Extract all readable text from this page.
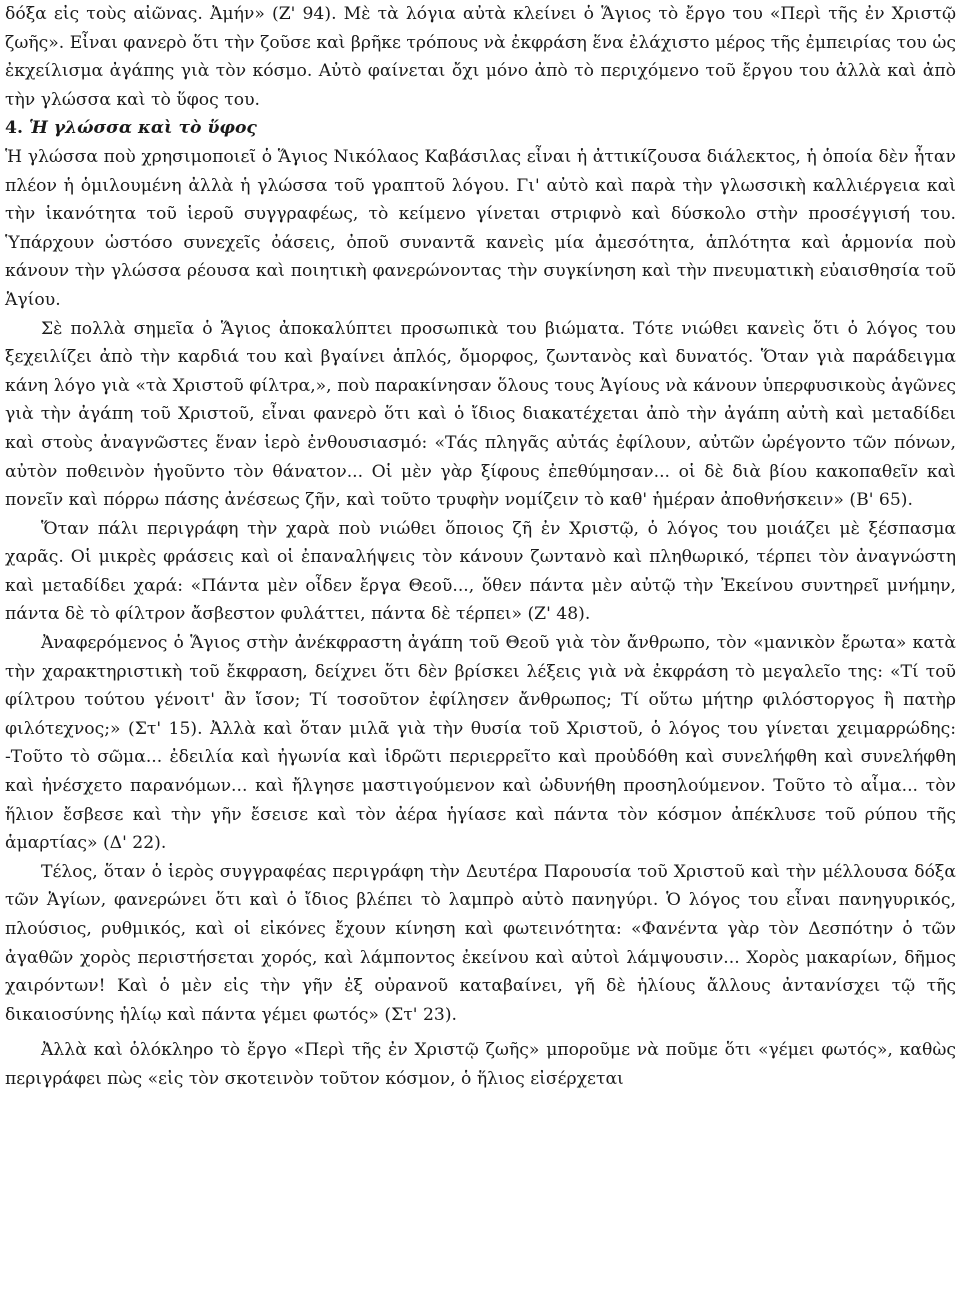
δόξα εἰς τοὺς αἰῶνας. Ἀμήν» (Ζ' 94). Μὲ τὰ λόγια αὐτὰ κλείνει ὁ Ἅγιος τὸ ἔργο του «Περὶ τῆς ἐν Χριστῷ ζωῆς». Εἶναι φανερὸ ὅτι τὴν ζοῦσε καὶ βρῆκε τρόπους νὰ ἐκφράση ἕνα ἐλάχιστο μέρος τῆς ἐμπειρίας του ὡς ἐκχείλισμα ἀγάπης γιὰ τὸν κόσμο. Αὐτὸ φαίνεται ὄχι μόνο ἀπὸ τὸ περιχόμενο τοῦ ἔργου του ἀλλὰ καὶ ἀπὸ τὴν γλώσσα καὶ τὸ ὕφος του.

4. Ἡ γλώσσα καὶ τὸ ὕφος

Ἡ γλώσσα ποὺ χρησιμοποιεῖ ὁ Ἅγιος Νικόλαος Καβάσιλας εἶναι ἡ ἀττικίζουσα διάλεκτος, ἡ ὁποία δὲν ἦταν πλέον ἡ ὁμιλουμένη ἀλλὰ ἡ γλώσσα τοῦ γραπτοῦ λόγου. Γι' αὐτὸ καὶ παρὰ τὴν γλωσσικὴ καλλιέργεια καὶ τὴν ἱκανότητα τοῦ ἱεροῦ συγγραφέως, τὸ κείμενο γίνεται στριφνὸ καὶ δύσκολο στὴν προσέγγισή του. Ὑπάρχουν ὡστόσο συνεχεῖς ὀάσεις, ὀποῦ συναντᾶ κανεὶς μία ἀμεσότητα, ἁπλότητα καὶ ἁρμονία ποὺ κάνουν τὴν γλώσσα ρέουσα καὶ ποιητικὴ φανερώνοντας τὴν συγκίνηση καὶ τὴν πνευματικὴ εὐαισθησία τοῦ Ἁγίου.

Σὲ πολλὰ σημεῖα ὁ Ἅγιος ἀποκαλύπτει προσωπικὰ του βιώματα. Τότε νιώθει κανεὶς ὅτι ὁ λόγος του ξεχειλίζει ἀπὸ τὴν καρδιά του καὶ βγαίνει ἁπλός, ὄμορφος, ζωντανὸς καὶ δυνατός. Ὅταν γιὰ παράδειγμα κάνη λόγο γιὰ «τὰ Χριστοῦ φίλτρα,», ποὺ παρακίνησαν ὅλους τους Ἁγίους νὰ κάνουν ὑπερφυσικοὺς ἀγῶνες γιὰ τὴν ἀγάπη τοῦ Χριστοῦ, εἶναι φανερὸ ὅτι καὶ ὁ ἴδιος διακατέχεται ἀπὸ τὴν ἀγάπη αὐτὴ καὶ μεταδίδει καὶ στοὺς ἀναγνῶστες ἕναν ἱερὸ ἐνθουσιασμό: «Τάς πληγᾶς αὐτάς ἐφίλουν, αὐτῶν ὠρέγοντο τῶν πόνων, αὐτὸν ποθεινὸν ἡγοῦντο τὸν θάνατον... Οἱ μὲν γὰρ ξίφους ἐπεθύμησαν... οἱ δὲ διὰ βίου κακοπαθεῖν καὶ πονεῖν καὶ πόρρω πάσης ἀνέσεως ζῆν, καὶ τοῦτο τρυφὴν νομίζειν τὸ καθ' ἡμέραν ἀποθνήσκειν» (Β' 65).

Ὅταν πάλι περιγράφη τὴν χαρὰ ποὺ νιώθει ὅποιος ζῆ ἐν Χριστῷ, ὁ λόγος του μοιάζει μὲ ξέσπασμα χαρᾶς. Οἱ μικρὲς φράσεις καὶ οἱ ἐπαναλήψεις τὸν κάνουν ζωντανὸ καὶ πληθωρικό, τέρπει τὸν ἀναγνώστη καὶ μεταδίδει χαρά: «Πάντα μὲν οἶδεν ἔργα Θεοῦ..., ὅθεν πάντα μὲν αὐτῷ τὴν Ἐκείνου συντηρεῖ μνήμην, πάντα δὲ τὸ φίλτρον ἄσβεστον φυλάττει, πάντα δὲ τέρπει» (Ζ' 48).

Ἀναφερόμενος ὁ Ἅγιος στὴν ἀνέκφραστη ἀγάπη τοῦ Θεοῦ γιὰ τὸν ἄνθρωπο, τὸν «μανικὸν ἔρωτα» κατὰ τὴν χαρακτηριστικὴ τοῦ ἔκφραση, δείχνει ὅτι δὲν βρίσκει λέξεις γιὰ νὰ ἐκφράση τὸ μεγαλεῖο της: «Τί τοῦ φίλτρου τούτου γένοιτ' ἂν ἴσον; Τί τοσοῦτον ἐφίλησεν ἄνθρωπος; Τί οὕτω μήτηρ φιλόστοργος ἢ πατὴρ φιλότεχνος;» (Στ' 15). Ἀλλὰ καὶ ὅταν μιλᾶ γιὰ τὴν θυσία τοῦ Χριστοῦ, ὁ λόγος του γίνεται χειμαρρώδης: -Τοῦτο τὸ σῶμα... ἐδειλία καὶ ἠγωνία καὶ ἱδρῶτι περιερρεῖτο καὶ προὐδόθη καὶ συνελήφθη καὶ συνελήφθη καὶ ἠνέσχετο παρανόμων... καὶ ἤλγησε μαστιγούμενον καὶ ὠδυνήθη προσηλούμενον. Τοῦτο τὸ αἷμα... τὸν ἥλιον ἔσβεσε καὶ τὴν γῆν ἔσεισε καὶ τὸν ἀέρα ἡγίασε καὶ πάντα τὸν κόσμον ἀπέκλυσε τοῦ ρύπου τῆς ἁμαρτίας» (Δ' 22).

Τέλος, ὅταν ὁ ἱερὸς συγγραφέας περιγράφη τὴν Δευτέρα Παρουσία τοῦ Χριστοῦ καὶ τὴν μέλλουσα δόξα τῶν Ἁγίων, φανερώνει ὅτι καὶ ὁ ἴδιος βλέπει τὸ λαμπρὸ αὐτὸ πανηγύρι. Ὁ λόγος του εἶναι πανηγυρικός, πλούσιος, ρυθμικός, καὶ οἱ εἰκόνες ἔχουν κίνηση καὶ φωτεινότητα: «Φανέντα γὰρ τὸν Δεσπότην ὁ τῶν ἀγαθῶν χορὸς περιστήσεται χορός, καὶ λάμποντος ἐκείνου καὶ αὐτοὶ λάμψουσιν... Χορὸς μακαρίων, δῆμος χαιρόντων! Καὶ ὁ μὲν εἰς τὴν γῆν ἐξ οὐρανοῦ καταβαίνει, γῆ δὲ ἡλίους ἄλλους ἀντανίσχει τῷ τῆς δικαιοσύνης ἡλίῳ καὶ πάντα γέμει φωτός» (Στ' 23).

Ἀλλὰ καὶ ὁλόκληρο τὸ ἔργο «Περὶ τῆς ἐν Χριστῷ ζωῆς» μποροῦμε νὰ ποῦμε ὅτι «γέμει φωτός», καθὼς περιγράφει πὼς «εἰς τὸν σκοτεινὸν τοῦτον κόσμον, ὁ ἥλιος εἰσέρχεται
